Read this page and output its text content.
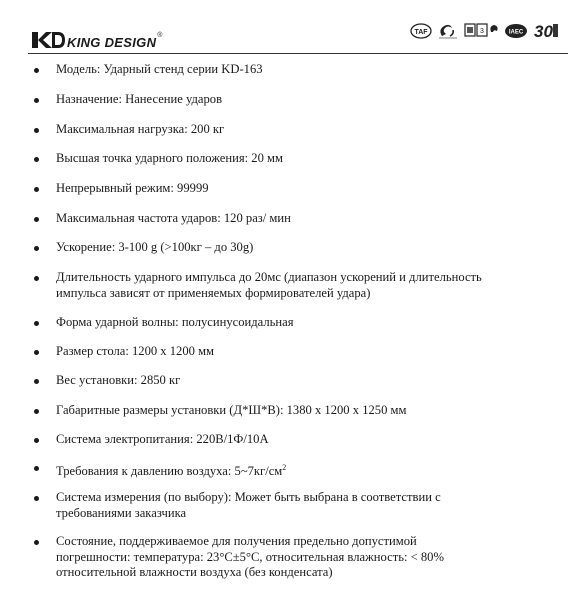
KING DESIGN ®	TAF	3	IAEC 30
Модель: Ударный стенд серии KD-163
Назначение: Нанесение ударов
Максимальная нагрузка: 200 кг
Высшая точка ударного положения: 20 мм
Непрерывный режим: 99999
Максимальная частота ударов: 120 раз/ мин
Ускорение: 3-100 g (>100кг – до 30g)
Длительность ударного импульса до 20мс (диапазон ускорений и длительность
импульса зависят от применяемых формирователей удара)
Форма ударной волны: полусинусоидальная
Размер стола: 1200 x 1200 мм
Вес установки: 2850 кг
Габаритные размеры установки (Д*Ш*В): 1380 x 1200 x 1250 мм
Система электропитания: 220В/1Ф/10А
Требования к давлению воздуха: $5\sim 7кг/см^2$
Система измерения (по выбору): Может быть выбрана в соответствии с
требованиями заказчика
Состояние, поддерживаемое для получения предельно допустимой
погрешности: температура: 23°C±5°C, относительная влажность: < 80%
относительной влажности воздуха (без конденсата)
